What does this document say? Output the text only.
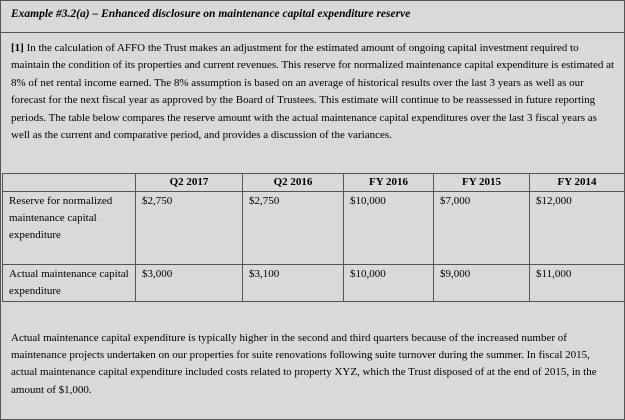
Example #3.2(a) – Enhanced disclosure on maintenance capital expenditure reserve
[1] In the calculation of AFFO the Trust makes an adjustment for the estimated amount of ongoing capital investment required to maintain the condition of its properties and current revenues. This reserve for normalized maintenance capital expenditure is estimated at 8% of net rental income earned. The 8% assumption is based on an average of historical results over the last 3 years as well as our forecast for the next fiscal year as approved by the Board of Trustees. This estimate will continue to be reassessed in future reporting periods. The table below compares the reserve amount with the actual maintenance capital expenditures over the last 3 fiscal years as well as the current and comparative period, and provides a discussion of the variances.
	Q2 2017	Q2 2016	FY 2016	FY 2015	FY 2014
Reserve for normalized maintenance capital expenditure	$2,750	$2,750	$10,000	$7,000	$12,000
Actual maintenance capital expenditure	$3,000	$3,100	$10,000	$9,000	$11,000
Actual maintenance capital expenditure is typically higher in the second and third quarters because of the increased number of maintenance projects undertaken on our properties for suite renovations following suite turnover during the summer. In fiscal 2015, actual maintenance capital expenditure included costs related to property XYZ, which the Trust disposed of at the end of 2015, in the amount of $1,000.
